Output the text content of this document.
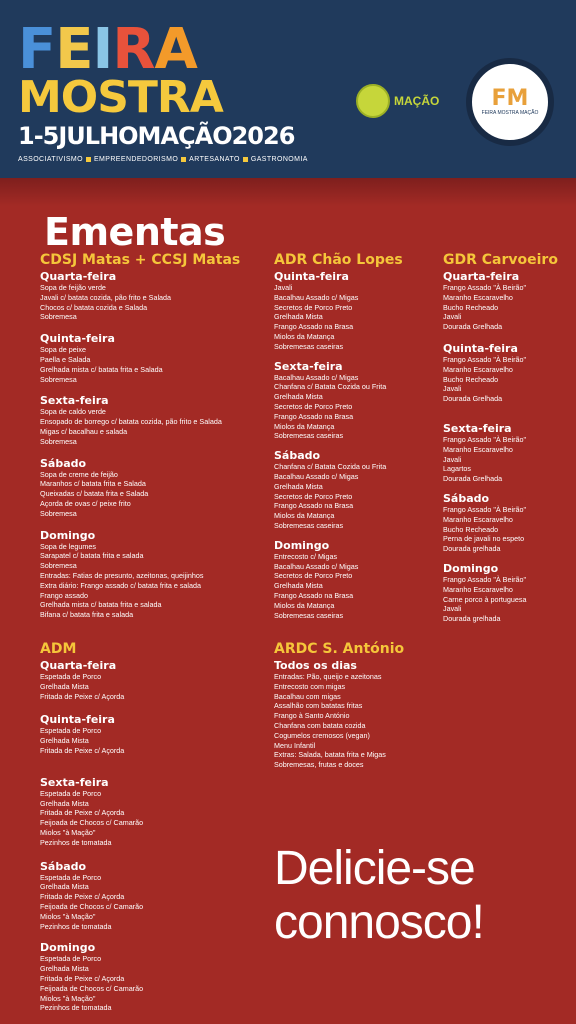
FEIRA
MOSTRA
1-5JULHOMAÇÃO2026
ASSOCIATIVISMO EMPREENDEDORISMO ARTESANATO GASTRONOMIA
MAÇÃO FM
FEIRA MOSTRA MAÇÃO
Ementas
CDSJ Matas + CCSJ Matas
Quarta-feira
Sopa de feijão verde
Javali c/ batata cozida, pão frito e Salada
Chocos c/ batata cozida e Salada
Sobremesa
Quinta-feira
Sopa de peixe
Paella e Salada
Grelhada mista c/ batata frita e Salada
Sobremesa
Sexta-feira
Sopa de caldo verde
Ensopado de borrego c/ batata cozida, pão frito e Salada
Migas c/ bacalhau e salada
Sobremesa
Sábado
Sopa de creme de feijão
Maranhos c/ batata frita e Salada
Queixadas c/ batata frita e Salada
Açorda de ovas c/ peixe frito
Sobremesa
Domingo
Sopa de legumes
Sarapatel c/ batata frita e salada
Sobremesa
Entradas: Fatias de presunto, azeitonas, queijinhos
Extra diário: Frango assado c/ batata frita e salada
Frango assado
Grelhada mista c/ batata frita e salada
Bifana c/ batata frita e salada
ADR Chão Lopes
Quinta-feira
Javali
Bacalhau Assado c/ Migas
Secretos de Porco Preto
Grelhada Mista
Frango Assado na Brasa
Miolos da Matança
Sobremesas caseiras
Sexta-feira
Bacalhau Assado c/ Migas
Chanfana c/ Batata Cozida ou Frita
Grelhada Mista
Secretos de Porco Preto
Frango Assado na Brasa
Miolos da Matança
Sobremesas caseiras
Sábado
Chanfana c/ Batata Cozida ou Frita
Bacalhau Assado c/ Migas
Grelhada Mista
Secretos de Porco Preto
Frango Assado na Brasa
Miolos da Matança
Sobremesas caseiras
Domingo
Entrecosto c/ Migas
Bacalhau Assado c/ Migas
Secretos de Porco Preto
Grelhada Mista
Frango Assado na Brasa
Miolos da Matança
Sobremesas caseiras
GDR Carvoeiro
Quarta-feira
Frango Assado "À Beirão"
Maranho Escaravelho
Bucho Recheado
Javali
Dourada Grelhada
Quinta-feira
Frango Assado "À Beirão"
Maranho Escaravelho
Bucho Recheado
Javali
Dourada Grelhada
Sexta-feira
Frango Assado "À Beirão"
Maranho Escaravelho
Javali
Lagartos
Dourada Grelhada
Sábado
Frango Assado "À Beirão"
Maranho Escaravelho
Bucho Recheado
Perna de javali no espeto
Dourada grelhada
Domingo
Frango Assado "À Beirão"
Maranho Escaravelho
Carne porco à portuguesa
Javali
Dourada grelhada
ADM
Quarta-feira
Espetada de Porco
Grelhada Mista
Fritada de Peixe c/ Açorda
Quinta-feira
Espetada de Porco
Grelhada Mista
Fritada de Peixe c/ Açorda
Sexta-feira
Espetada de Porco
Grelhada Mista
Fritada de Peixe c/ Açorda
Feijoada de Chocos c/ Camarão
Miolos "à Mação"
Pezinhos de tomatada
Sábado
Espetada de Porco
Grelhada Mista
Fritada de Peixe c/ Açorda
Feijoada de Chocos c/ Camarão
Miolos "à Mação"
Pezinhos de tomatada
Domingo
Espetada de Porco
Grelhada Mista
Fritada de Peixe c/ Açorda
Feijoada de Chocos c/ Camarão
Miolos "à Mação"
Pezinhos de tomatada
ARDC S. António
Todos os dias
Entradas: Pão, queijo e azeitonas
Entrecosto com migas
Bacalhau com migas
Assalhão com batatas fritas
Frango à Santo António
Chanfana com batata cozida
Cogumelos cremosos (vegan)
Menu Infantil
Extras: Salada, batata frita e Migas
Sobremesas, frutas e doces
Delicie-se
connosco!
